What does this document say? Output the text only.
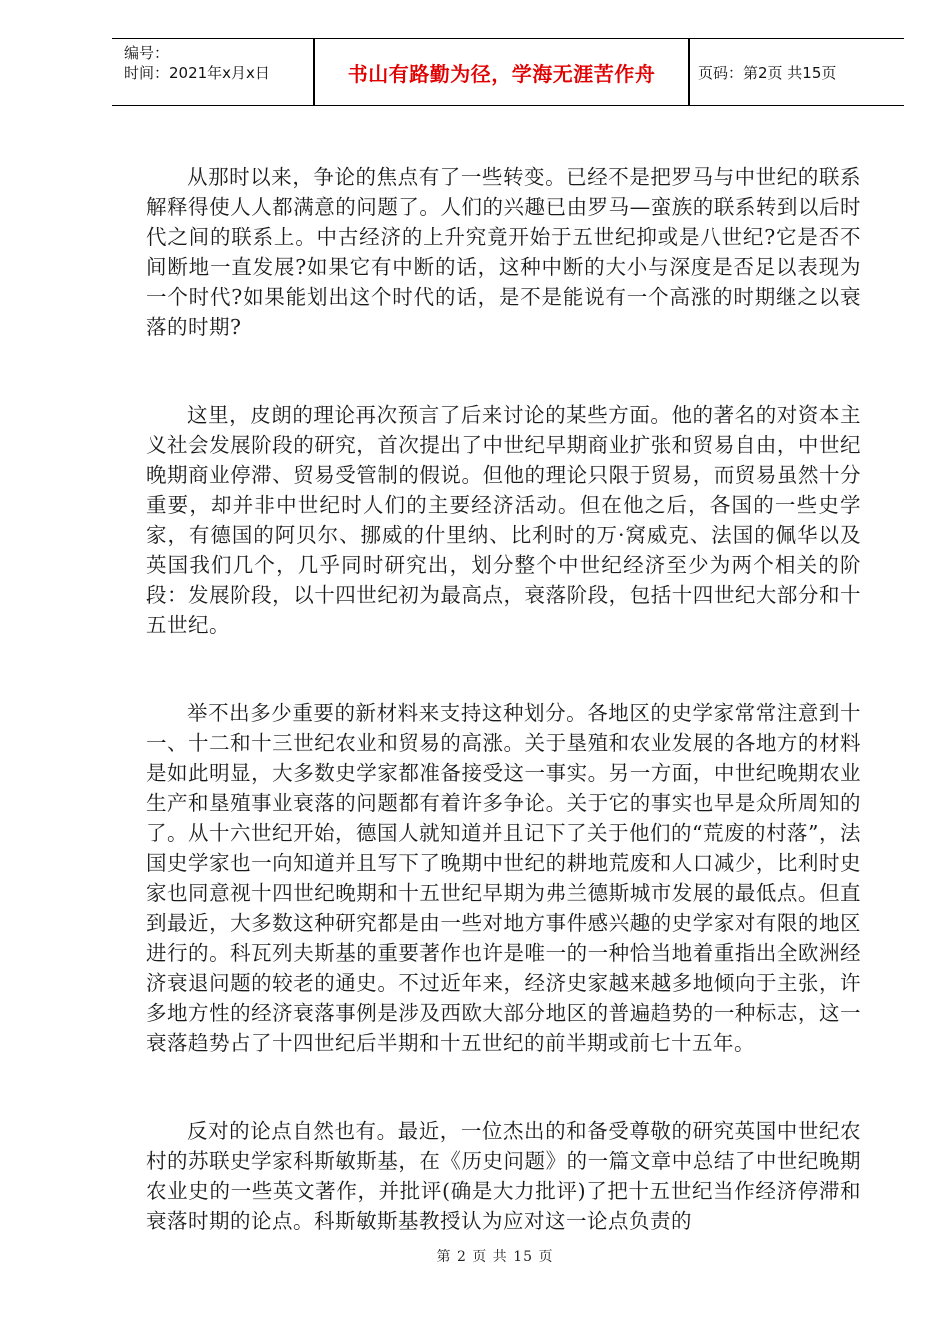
编号：
时间：2021年x月x日	书山有路勤为径，学海无涯苦作舟	页码：第2页 共15页

从那时以来，争论的焦点有了一些转变。已经不是把罗马与中世纪的联系解释得使人人都满意的问题了。人们的兴趣已由罗马—蛮族的联系转到以后时代之间的联系上。中古经济的上升究竟开始于五世纪抑或是八世纪?它是否不间断地一直发展?如果它有中断的话，这种中断的大小与深度是否足以表现为一个时代?如果能划出这个时代的话，是不是能说有一个高涨的时期继之以衰落的时期?

这里，皮朗的理论再次预言了后来讨论的某些方面。他的著名的对资本主义社会发展阶段的研究，首次提出了中世纪早期商业扩张和贸易自由，中世纪晚期商业停滞、贸易受管制的假说。但他的理论只限于贸易，而贸易虽然十分重要，却并非中世纪时人们的主要经济活动。但在他之后，各国的一些史学家，有德国的阿贝尔、挪威的什里纳、比利时的万·窝威克、法国的佩华以及英国我们几个，几乎同时研究出，划分整个中世纪经济至少为两个相关的阶段：发展阶段，以十四世纪初为最高点，衰落阶段，包括十四世纪大部分和十五世纪。

举不出多少重要的新材料来支持这种划分。各地区的史学家常常注意到十一、十二和十三世纪农业和贸易的高涨。关于垦殖和农业发展的各地方的材料是如此明显，大多数史学家都准备接受这一事实。另一方面，中世纪晚期农业生产和垦殖事业衰落的问题都有着许多争论。关于它的事实也早是众所周知的了。从十六世纪开始，德国人就知道并且记下了关于他们的“荒废的村落”，法国史学家也一向知道并且写下了晚期中世纪的耕地荒废和人口减少，比利时史家也同意视十四世纪晚期和十五世纪早期为弗兰德斯城市发展的最低点。但直到最近，大多数这种研究都是由一些对地方事件感兴趣的史学家对有限的地区进行的。科瓦列夫斯基的重要著作也许是唯一的一种恰当地着重指出全欧洲经济衰退问题的较老的通史。不过近年来，经济史家越来越多地倾向于主张，许多地方性的经济衰落事例是涉及西欧大部分地区的普遍趋势的一种标志，这一衰落趋势占了十四世纪后半期和十五世纪的前半期或前七十五年。

反对的论点自然也有。最近，一位杰出的和备受尊敬的研究英国中世纪农村的苏联史学家科斯敏斯基，在《历史问题》的一篇文章中总结了中世纪晚期农业史的一些英文著作，并批评(确是大力批评)了把十五世纪当作经济停滞和衰落时期的论点。科斯敏斯基教授认为应对这一论点负责的

第 2 页 共 15 页
